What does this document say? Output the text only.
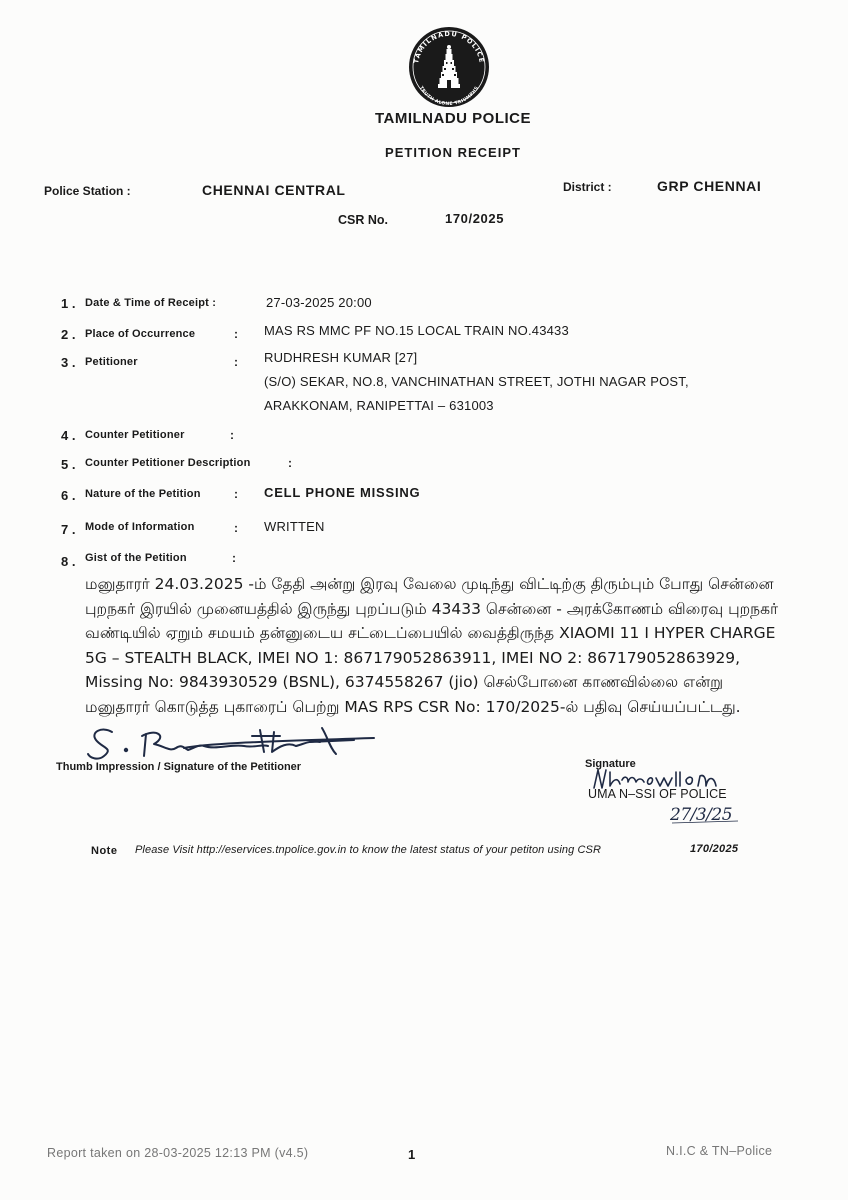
TAMILNADU POLICE
TRUTH ALONE TRIUMPHS
TAMILNADU POLICE
PETITION RECEIPT
Police Station :	CHENNAI CENTRAL	District :	GRP CHENNAI
CSR No.	170/2025
1 . Date & Time of Receipt :	27-03-2025 20:00
2 . Place of Occurrence	: MAS RS MMC PF NO.15 LOCAL TRAIN NO.43433
3 . Petitioner	: RUDHRESH KUMAR [27]
(S/O) SEKAR, NO.8, VANCHINATHAN STREET, JOTHI NAGAR POST,
ARAKKONAM, RANIPETTAI – 631003
4 . Counter Petitioner	:
5 . Counter Petitioner Description	:
6 . Nature of the Petition	: CELL PHONE MISSING
7 . Mode of Information	: WRITTEN
8 . Gist of the Petition	:
மனுதாரர் 24.03.2025 -ம் தேதி அன்று இரவு வேலை முடிந்து விட்டிற்கு திரும்பும் போது சென்னை புறநகர் இரயில் முனையத்தில் இருந்து புறப்படும் 43433 சென்னை - அரக்கோணம் விரைவு புறநகர் வண்டியில் ஏறும் சமயம் தன்னுடைய சட்டைப்பையில் வைத்திருந்த XIAOMI 11 I HYPER CHARGE 5G – STEALTH BLACK, IMEI NO 1: 867179052863911, IMEI NO 2: 867179052863929, Missing No: 9843930529 (BSNL), 6374558267 (jio) செல்போனை காணவில்லை என்று மனுதாரர் கொடுத்த புகாரைப் பெற்று MAS RPS CSR No: 170/2025-ல் பதிவு செய்யப்பட்டது.
Thumb Impression / Signature of the Petitioner	Signature
UMA N–SSI OF POLICE
27/3/25
Note Please Visit http://eservices.tnpolice.gov.in to know the latest status of your petiton using CSR	170/2025
Report taken on 28-03-2025 12:13 PM (v4.5)	1	N.I.C & TN–Police
